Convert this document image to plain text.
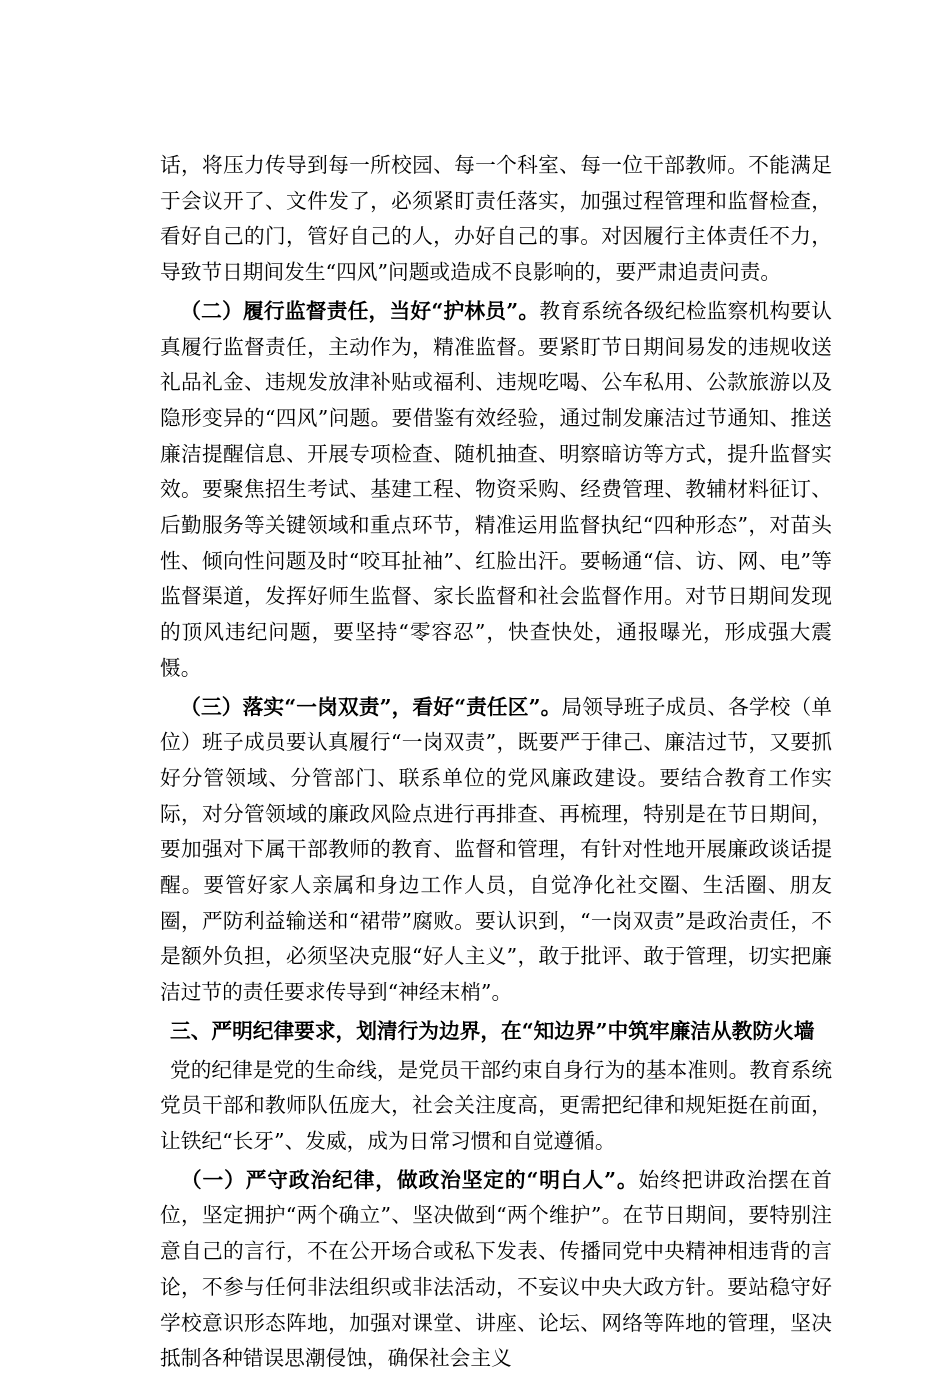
话，将压力传导到每一所校园、每一个科室、每一位干部教师。不能满足于会议开了、文件发了，必须紧盯责任落实，加强过程管理和监督检查，看好自己的门，管好自己的人，办好自己的事。对因履行主体责任不力，导致节日期间发生“四风”问题或造成不良影响的，要严肃追责问责。

（二）履行监督责任，当好“护林员”。教育系统各级纪检监察机构要认真履行监督责任，主动作为，精准监督。要紧盯节日期间易发的违规收送礼品礼金、违规发放津补贴或福利、违规吃喝、公车私用、公款旅游以及隐形变异的“四风”问题。要借鉴有效经验，通过制发廉洁过节通知、推送廉洁提醒信息、开展专项检查、随机抽查、明察暗访等方式，提升监督实效。要聚焦招生考试、基建工程、物资采购、经费管理、教辅材料征订、后勤服务等关键领域和重点环节，精准运用监督执纪“四种形态”，对苗头性、倾向性问题及时“咬耳扯袖”、红脸出汗。要畅通“信、访、网、电”等监督渠道，发挥好师生监督、家长监督和社会监督作用。对节日期间发现的顶风违纪问题，要坚持“零容忍”，快查快处，通报曝光，形成强大震慑。

（三）落实“一岗双责”，看好“责任区”。局领导班子成员、各学校（单位）班子成员要认真履行“一岗双责”，既要严于律己、廉洁过节，又要抓好分管领域、分管部门、联系单位的党风廉政建设。要结合教育工作实际，对分管领域的廉政风险点进行再排查、再梳理，特别是在节日期间，要加强对下属干部教师的教育、监督和管理，有针对性地开展廉政谈话提醒。要管好家人亲属和身边工作人员，自觉净化社交圈、生活圈、朋友圈，严防利益输送和“裙带”腐败。要认识到，“一岗双责”是政治责任，不是额外负担，必须坚决克服“好人主义”，敢于批评、敢于管理，切实把廉洁过节的责任要求传导到“神经末梢”。

三、严明纪律要求，划清行为边界，在“知边界”中筑牢廉洁从教防火墙

党的纪律是党的生命线，是党员干部约束自身行为的基本准则。教育系统党员干部和教师队伍庞大，社会关注度高，更需把纪律和规矩挺在前面，让铁纪“长牙”、发威，成为日常习惯和自觉遵循。

（一）严守政治纪律，做政治坚定的“明白人”。始终把讲政治摆在首位，坚定拥护“两个确立”、坚决做到“两个维护”。在节日期间，要特别注意自己的言行，不在公开场合或私下发表、传播同党中央精神相违背的言论，不参与任何非法组织或非法活动，不妄议中央大政方针。要站稳守好学校意识形态阵地，加强对课堂、讲座、论坛、网络等阵地的管理，坚决抵制各种错误思潮侵蚀，确保社会主义
